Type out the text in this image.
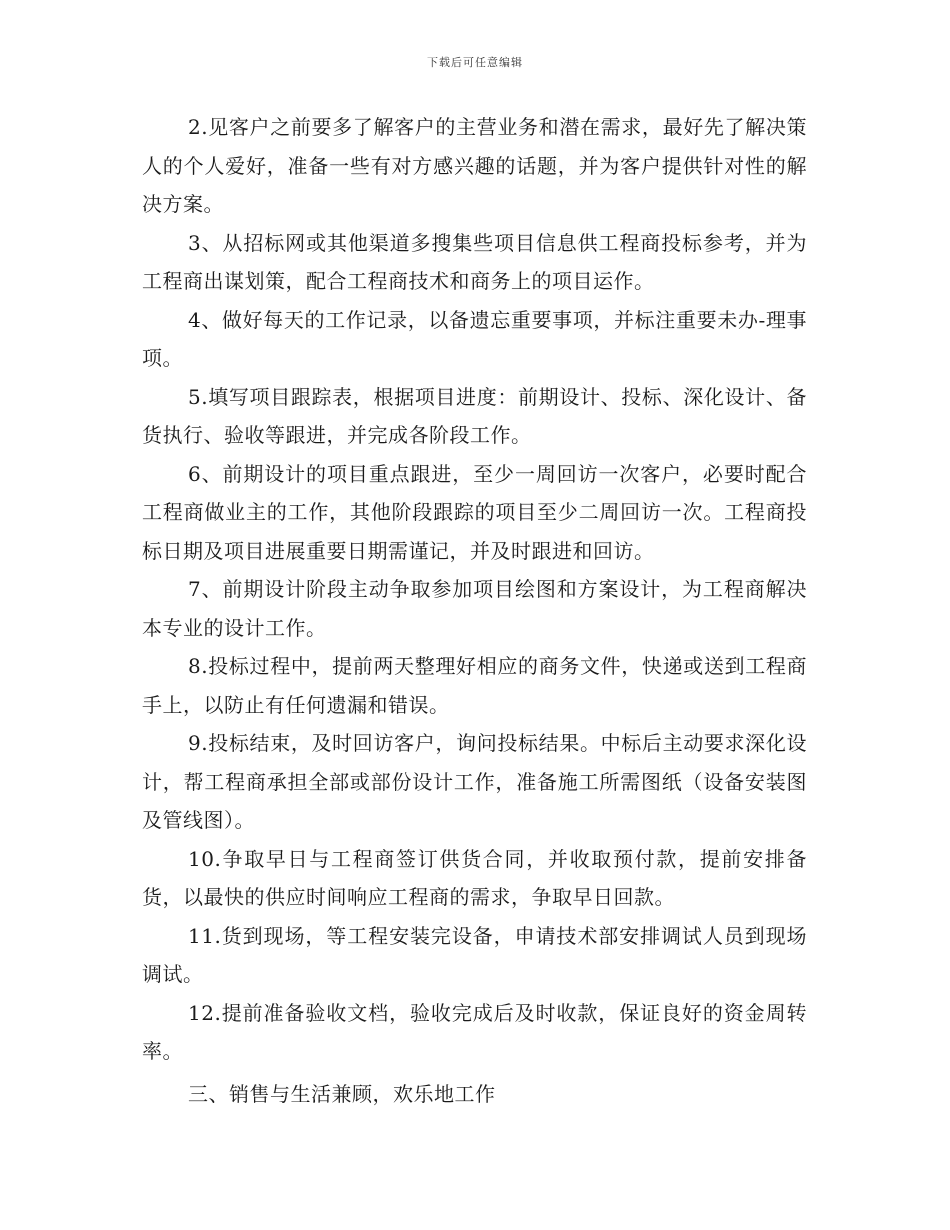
下载后可任意编辑

2.见客户之前要多了解客户的主营业务和潜在需求，最好先了解决策人的个人爱好，准备一些有对方感兴趣的话题，并为客户提供针对性的解决方案。

3、从招标网或其他渠道多搜集些项目信息供工程商投标参考，并为工程商出谋划策，配合工程商技术和商务上的项目运作。

4、做好每天的工作记录，以备遗忘重要事项，并标注重要未办-理事项。

5.填写项目跟踪表，根据项目进度：前期设计、投标、深化设计、备货执行、验收等跟进，并完成各阶段工作。

6、前期设计的项目重点跟进，至少一周回访一次客户，必要时配合工程商做业主的工作，其他阶段跟踪的项目至少二周回访一次。工程商投标日期及项目进展重要日期需谨记，并及时跟进和回访。

7、前期设计阶段主动争取参加项目绘图和方案设计，为工程商解决本专业的设计工作。

8.投标过程中，提前两天整理好相应的商务文件，快递或送到工程商手上，以防止有任何遗漏和错误。

9.投标结束，及时回访客户，询问投标结果。中标后主动要求深化设计，帮工程商承担全部或部份设计工作，准备施工所需图纸（设备安装图及管线图）。

10.争取早日与工程商签订供货合同，并收取预付款，提前安排备货，以最快的供应时间响应工程商的需求，争取早日回款。

11.货到现场，等工程安装完设备，申请技术部安排调试人员到现场调试。

12.提前准备验收文档，验收完成后及时收款，保证良好的资金周转率。

三、销售与生活兼顾，欢乐地工作
